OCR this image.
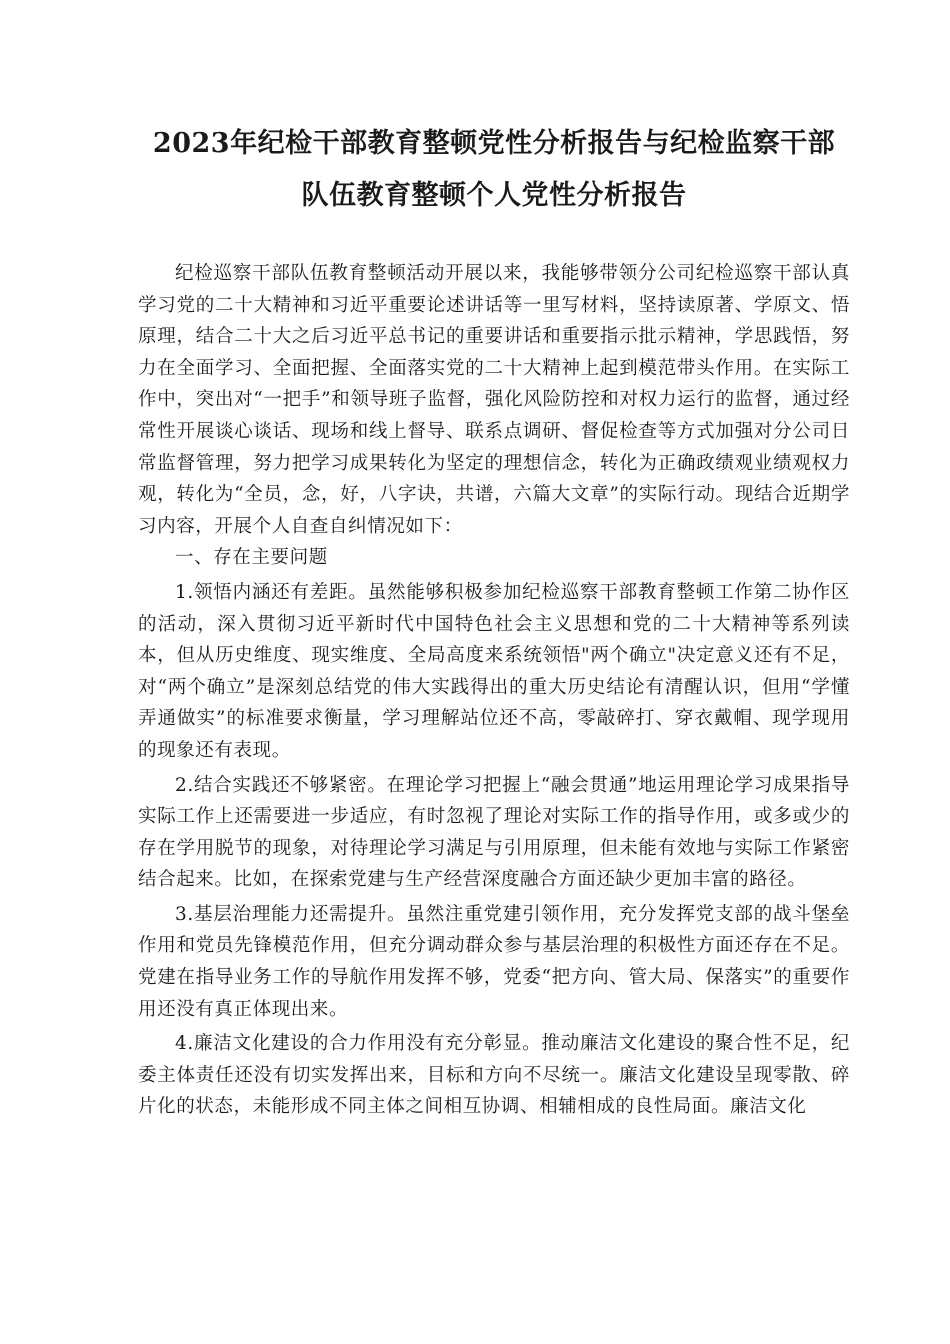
2023年纪检干部教育整顿党性分析报告与纪检监察干部
队伍教育整顿个人党性分析报告

纪检巡察干部队伍教育整顿活动开展以来，我能够带领分公司纪检巡察干部认真学习党的二十大精神和习近平重要论述讲话等一里写材料，坚持读原著、学原文、悟原理，结合二十大之后习近平总书记的重要讲话和重要指示批示精神，学思践悟，努力在全面学习、全面把握、全面落实党的二十大精神上起到模范带头作用。在实际工作中，突出对“一把手”和领导班子监督，强化风险防控和对权力运行的监督，通过经常性开展谈心谈话、现场和线上督导、联系点调研、督促检查等方式加强对分公司日常监督管理，努力把学习成果转化为坚定的理想信念，转化为正确政绩观业绩观权力观，转化为“全员，念，好，八字诀，共谱，六篇大文章”的实际行动。现结合近期学习内容，开展个人自查自纠情况如下：

一、存在主要问题

1.领悟内涵还有差距。虽然能够积极参加纪检巡察干部教育整顿工作第二协作区的活动，深入贯彻习近平新时代中国特色社会主义思想和党的二十大精神等系列读本，但从历史维度、现实维度、全局高度来系统领悟"两个确立"决定意义还有不足，对“两个确立”是深刻总结党的伟大实践得出的重大历史结论有清醒认识，但用“学懂弄通做实”的标准要求衡量，学习理解站位还不高，零敲碎打、穿衣戴帽、现学现用的现象还有表现。

2.结合实践还不够紧密。在理论学习把握上“融会贯通”地运用理论学习成果指导实际工作上还需要进一步适应，有时忽视了理论对实际工作的指导作用，或多或少的存在学用脱节的现象，对待理论学习满足与引用原理，但未能有效地与实际工作紧密结合起来。比如，在探索党建与生产经营深度融合方面还缺少更加丰富的路径。

3.基层治理能力还需提升。虽然注重党建引领作用，充分发挥党支部的战斗堡垒作用和党员先锋模范作用，但充分调动群众参与基层治理的积极性方面还存在不足。党建在指导业务工作的导航作用发挥不够，党委“把方向、管大局、保落实”的重要作用还没有真正体现出来。

4.廉洁文化建设的合力作用没有充分彰显。推动廉洁文化建设的聚合性不足，纪委主体责任还没有切实发挥出来，目标和方向不尽统一。廉洁文化建设呈现零散、碎片化的状态，未能形成不同主体之间相互协调、相辅相成的良性局面。廉洁文化
